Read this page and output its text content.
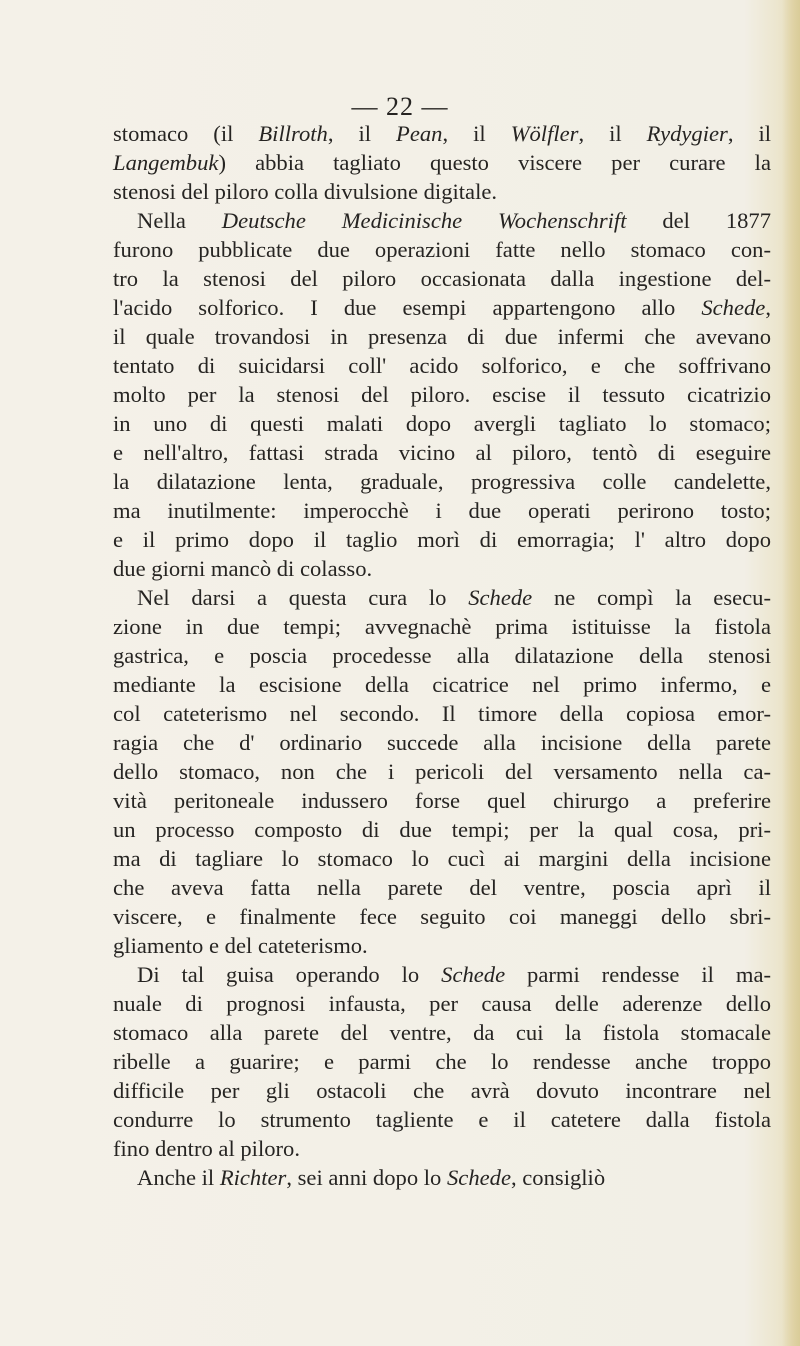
— 22 —
stomaco (il Billroth, il Pean, il Wölfler, il Rydygier, il
Langembuk) abbia tagliato questo viscere per curare la
stenosi del piloro colla divulsione digitale.
Nella Deutsche Medicinische Wochenschrift del 1877
furono pubblicate due operazioni fatte nello stomaco con-
tro la stenosi del piloro occasionata dalla ingestione del-
l'acido solforico. I due esempi appartengono allo Schede,
il quale trovandosi in presenza di due infermi che avevano
tentato di suicidarsi coll' acido solforico, e che soffrivano
molto per la stenosi del piloro. escise il tessuto cicatrizio
in uno di questi malati dopo avergli tagliato lo stomaco;
e nell'altro, fattasi strada vicino al piloro, tentò di eseguire
la dilatazione lenta, graduale, progressiva colle candelette,
ma inutilmente: imperocchè i due operati perirono tosto;
e il primo dopo il taglio morì di emorragia; l' altro dopo
due giorni mancò di colasso.
Nel darsi a questa cura lo Schede ne compì la esecu-
zione in due tempi; avvegnachè prima istituisse la fistola
gastrica, e poscia procedesse alla dilatazione della stenosi
mediante la escisione della cicatrice nel primo infermo, e
col cateterismo nel secondo. Il timore della copiosa emor-
ragia che d' ordinario succede alla incisione della parete
dello stomaco, non che i pericoli del versamento nella ca-
vità peritoneale indussero forse quel chirurgo a preferire
un processo composto di due tempi; per la qual cosa, pri-
ma di tagliare lo stomaco lo cucì ai margini della incisione
che aveva fatta nella parete del ventre, poscia aprì il
viscere, e finalmente fece seguito coi maneggi dello sbri-
gliamento e del cateterismo.
Di tal guisa operando lo Schede parmi rendesse il ma-
nuale di prognosi infausta, per causa delle aderenze dello
stomaco alla parete del ventre, da cui la fistola stomacale
ribelle a guarire; e parmi che lo rendesse anche troppo
difficile per gli ostacoli che avrà dovuto incontrare nel
condurre lo strumento tagliente e il catetere dalla fistola
fino dentro al piloro.
Anche il Richter, sei anni dopo lo Schede, consigliò
